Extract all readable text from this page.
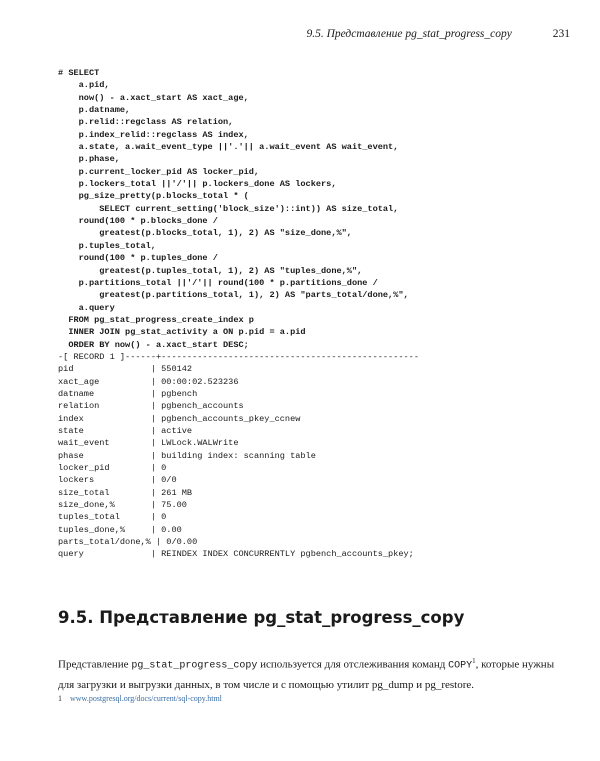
9.5. Представление pg_stat_progress_copy	231
# SELECT
a.pid,
now() - a.xact_start AS xact_age,
p.datname,
p.relid::regclass AS relation,
p.index_relid::regclass AS index,
a.state, a.wait_event_type ||'.'|| a.wait_event AS wait_event,
p.phase,
p.current_locker_pid AS locker_pid,
p.lockers_total ||'/'|| p.lockers_done AS lockers,
pg_size_pretty(p.blocks_total * (
SELECT current_setting('block_size')::int)) AS size_total,
round(100 * p.blocks_done /
greatest(p.blocks_total, 1), 2) AS "size_done,%",
p.tuples_total,
round(100 * p.tuples_done /
greatest(p.tuples_total, 1), 2) AS "tuples_done,%",
p.partitions_total ||'/'|| round(100 * p.partitions_done /
greatest(p.partitions_total, 1), 2) AS "parts_total/done,%",
a.query
FROM pg_stat_progress_create_index p
INNER JOIN pg_stat_activity a ON p.pid = a.pid
ORDER BY now() - a.xact_start DESC;
-[ RECORD 1 ]------+--------------------------------------------------
pid               | 550142
xact_age          | 00:00:02.523236
datname           | pgbench
relation          | pgbench_accounts
index             | pgbench_accounts_pkey_ccnew
state             | active
wait_event        | LWLock.WALWrite
phase             | building index: scanning table
locker_pid        | 0
lockers           | 0/0
size_total        | 261 MB
size_done,%       | 75.00
tuples_total      | 0
tuples_done,%     | 0.00
parts_total/done,% | 0/0.00
query             | REINDEX INDEX CONCURRENTLY pgbench_accounts_pkey;
9.5. Представление pg_stat_progress_copy

Представление pg_stat_progress_copy используется для отслеживания команд COPY$^1$, которые нужны для загрузки и выгрузки данных, в том числе и с помощью утилит pg_dump и pg_restore.

1 www.postgresql.org/docs/current/sql-copy.html
